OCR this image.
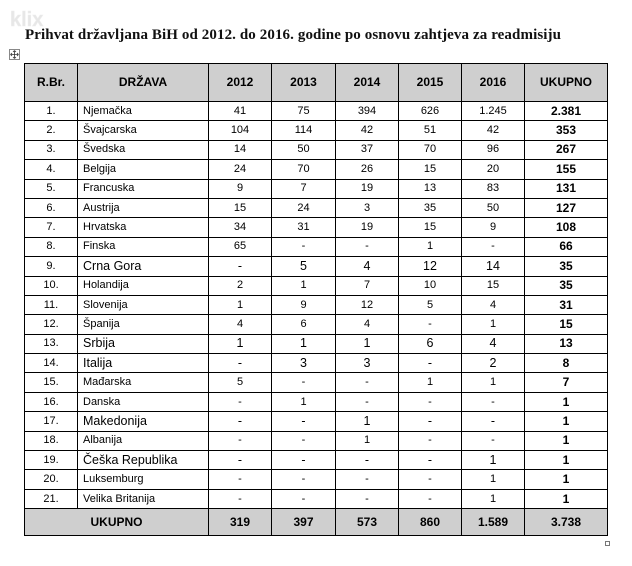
klix
Prihvat državljana BiH od 2012. do 2016. godine po osnovu zahtjeva za readmisiju
R.Br.	DRŽAVA	2012	2013	2014	2015	2016	UKUPNO
1.	Njemačka	41	75	394	626	1.245	2.381
2.	Švajcarska	104	114	42	51	42	353
3.	Švedska	14	50	37	70	96	267
4.	Belgija	24	70	26	15	20	155
5.	Francuska	9	7	19	13	83	131
6.	Austrija	15	24	3	35	50	127
7.	Hrvatska	34	31	19	15	9	108
8.	Finska	65	-	-	1	-	66
9.	Crna Gora	-	5	4	12	14	35
10.	Holandija	2	1	7	10	15	35
11.	Slovenija	1	9	12	5	4	31
12.	Španija	4	6	4	-	1	15
13.	Srbija	1	1	1	6	4	13
14.	Italija	-	3	3	-	2	8
15.	Mađarska	5	-	-	1	1	7
16.	Danska	-	1	-	-	-	1
17.	Makedonija	-	-	1	-	-	1
18.	Albanija	-	-	1	-	-	1
19.	Češka Republika	-	-	-	-	1	1
20.	Luksemburg	-	-	-	-	1	1
21.	Velika Britanija	-	-	-	-	1	1
UKUPNO		319	397	573	860	1.589	3.738
